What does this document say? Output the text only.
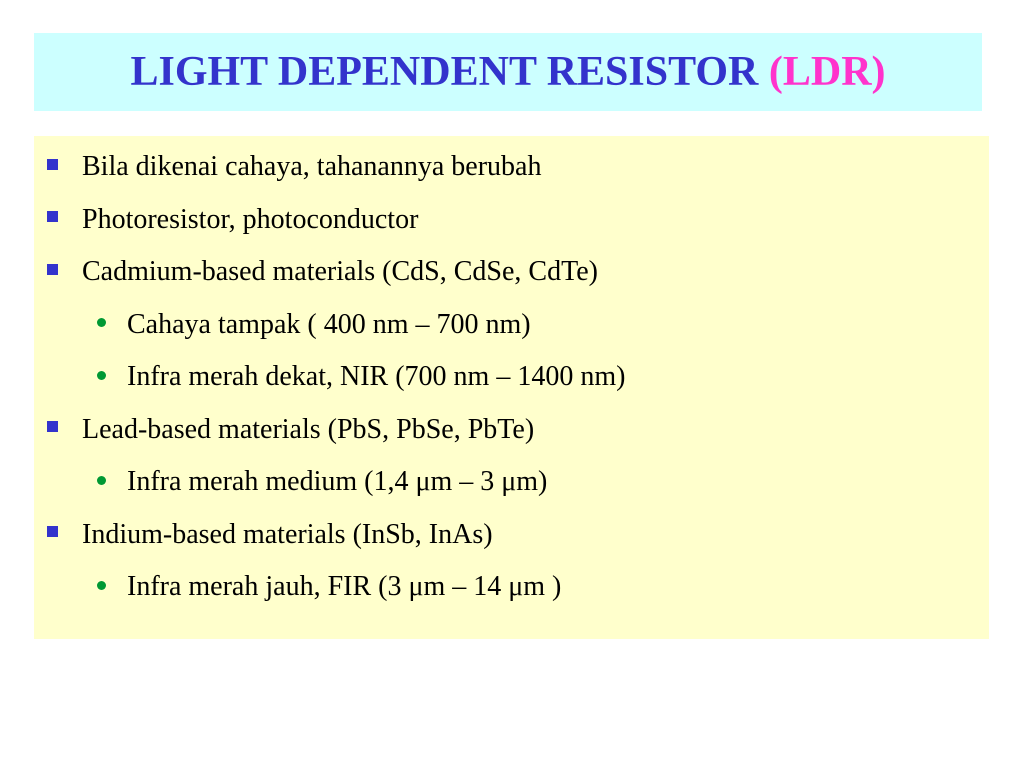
LIGHT DEPENDENT RESISTOR (LDR)
Bila dikenai cahaya, tahanannya berubah
Photoresistor, photoconductor
Cadmium-based materials (CdS, CdSe, CdTe)
Cahaya tampak ( 400 nm – 700 nm)
Infra merah dekat, NIR (700 nm – 1400 nm)
Lead-based materials (PbS, PbSe, PbTe)
Infra merah medium (1,4 μm – 3 μm)
Indium-based materials (InSb, InAs)
Infra merah jauh, FIR (3 μm – 14 μm )
